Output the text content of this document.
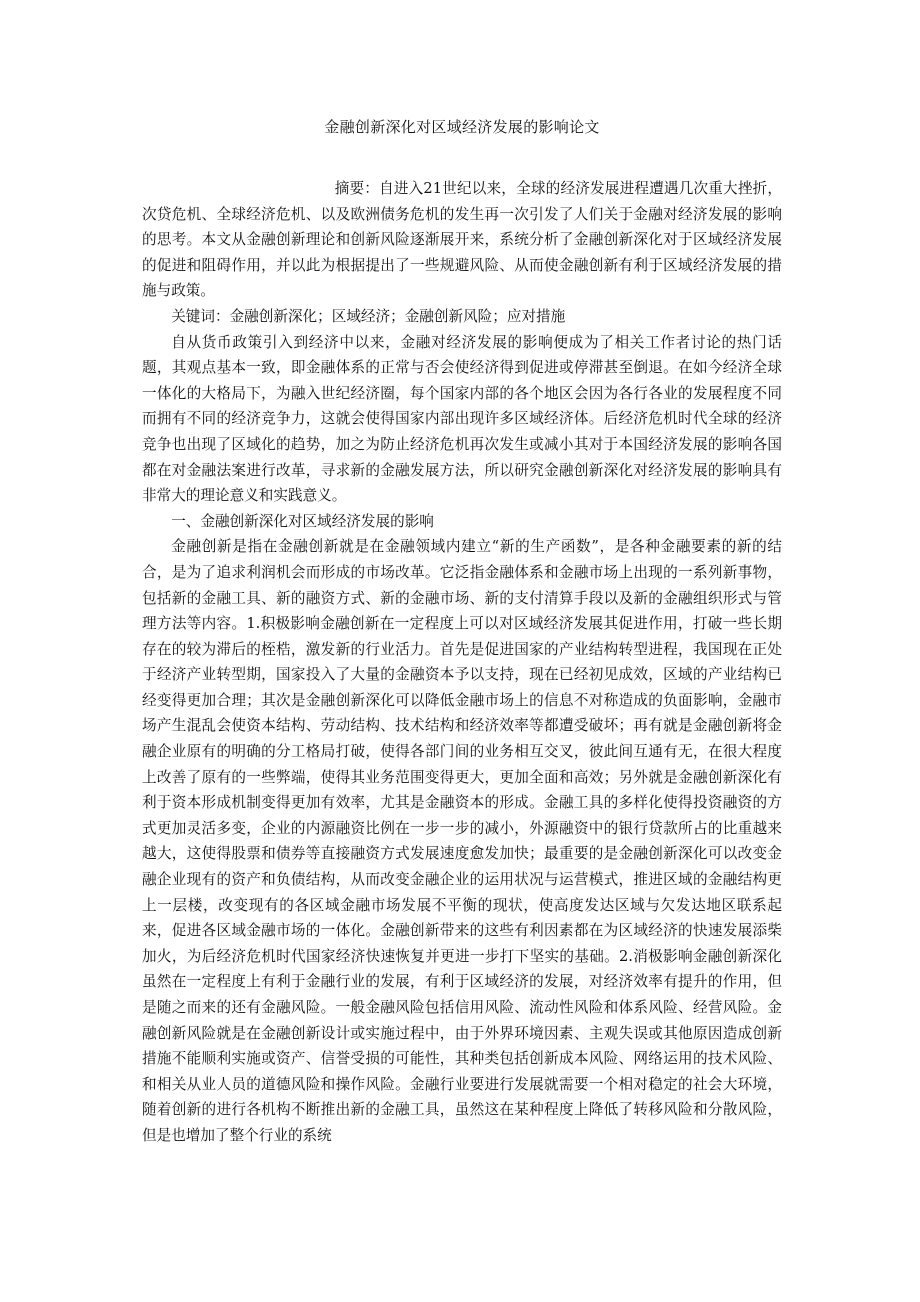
金融创新深化对区域经济发展的影响论文

摘要：自进入21世纪以来，全球的经济发展进程遭遇几次重大挫折，次贷危机、全球经济危机、以及欧洲债务危机的发生再一次引发了人们关于金融对经济发展的影响的思考。本文从金融创新理论和创新风险逐渐展开来，系统分析了金融创新深化对于区域经济发展的促进和阻碍作用，并以此为根据提出了一些规避风险、从而使金融创新有利于区域经济发展的措施与政策。

关键词：金融创新深化；区域经济；金融创新风险；应对措施

自从货币政策引入到经济中以来，金融对经济发展的影响便成为了相关工作者讨论的热门话题，其观点基本一致，即金融体系的正常与否会使经济得到促进或停滞甚至倒退。在如今经济全球一体化的大格局下，为融入世纪经济圈，每个国家内部的各个地区会因为各行各业的发展程度不同而拥有不同的经济竞争力，这就会使得国家内部出现许多区域经济体。后经济危机时代全球的经济竞争也出现了区域化的趋势，加之为防止经济危机再次发生或减小其对于本国经济发展的影响各国都在对金融法案进行改革，寻求新的金融发展方法，所以研究金融创新深化对经济发展的影响具有非常大的理论意义和实践意义。

一、金融创新深化对区域经济发展的影响

金融创新是指在金融创新就是在金融领域内建立“新的生产函数”，是各种金融要素的新的结合，是为了追求利润机会而形成的市场改革。它泛指金融体系和金融市场上出现的一系列新事物，包括新的金融工具、新的融资方式、新的金融市场、新的支付清算手段以及新的金融组织形式与管理方法等内容。1.积极影响金融创新在一定程度上可以对区域经济发展其促进作用，打破一些长期存在的较为滞后的桎梏，激发新的行业活力。首先是促进国家的产业结构转型进程，我国现在正处于经济产业转型期，国家投入了大量的金融资本予以支持，现在已经初见成效，区域的产业结构已经变得更加合理；其次是金融创新深化可以降低金融市场上的信息不对称造成的负面影响，金融市场产生混乱会使资本结构、劳动结构、技术结构和经济效率等都遭受破坏；再有就是金融创新将金融企业原有的明确的分工格局打破，使得各部门间的业务相互交叉，彼此间互通有无，在很大程度上改善了原有的一些弊端，使得其业务范围变得更大，更加全面和高效；另外就是金融创新深化有利于资本形成机制变得更加有效率，尤其是金融资本的形成。金融工具的多样化使得投资融资的方式更加灵活多变，企业的内源融资比例在一步一步的减小，外源融资中的银行贷款所占的比重越来越大，这使得股票和债券等直接融资方式发展速度愈发加快；最重要的是金融创新深化可以改变金融企业现有的资产和负债结构，从而改变金融企业的运用状况与运营模式，推进区域的金融结构更上一层楼，改变现有的各区域金融市场发展不平衡的现状，使高度发达区域与欠发达地区联系起来，促进各区域金融市场的一体化。金融创新带来的这些有利因素都在为区域经济的快速发展添柴加火，为后经济危机时代国家经济快速恢复并更进一步打下坚实的基础。2.消极影响金融创新深化虽然在一定程度上有利于金融行业的发展，有利于区域经济的发展，对经济效率有提升的作用，但是随之而来的还有金融风险。一般金融风险包括信用风险、流动性风险和体系风险、经营风险。金融创新风险就是在金融创新设计或实施过程中，由于外界环境因素、主观失误或其他原因造成创新措施不能顺利实施或资产、信誉受损的可能性，其种类包括创新成本风险、网络运用的技术风险、和相关从业人员的道德风险和操作风险。金融行业要进行发展就需要一个相对稳定的社会大环境，随着创新的进行各机构不断推出新的金融工具，虽然这在某种程度上降低了转移风险和分散风险，但是也增加了整个行业的系统
